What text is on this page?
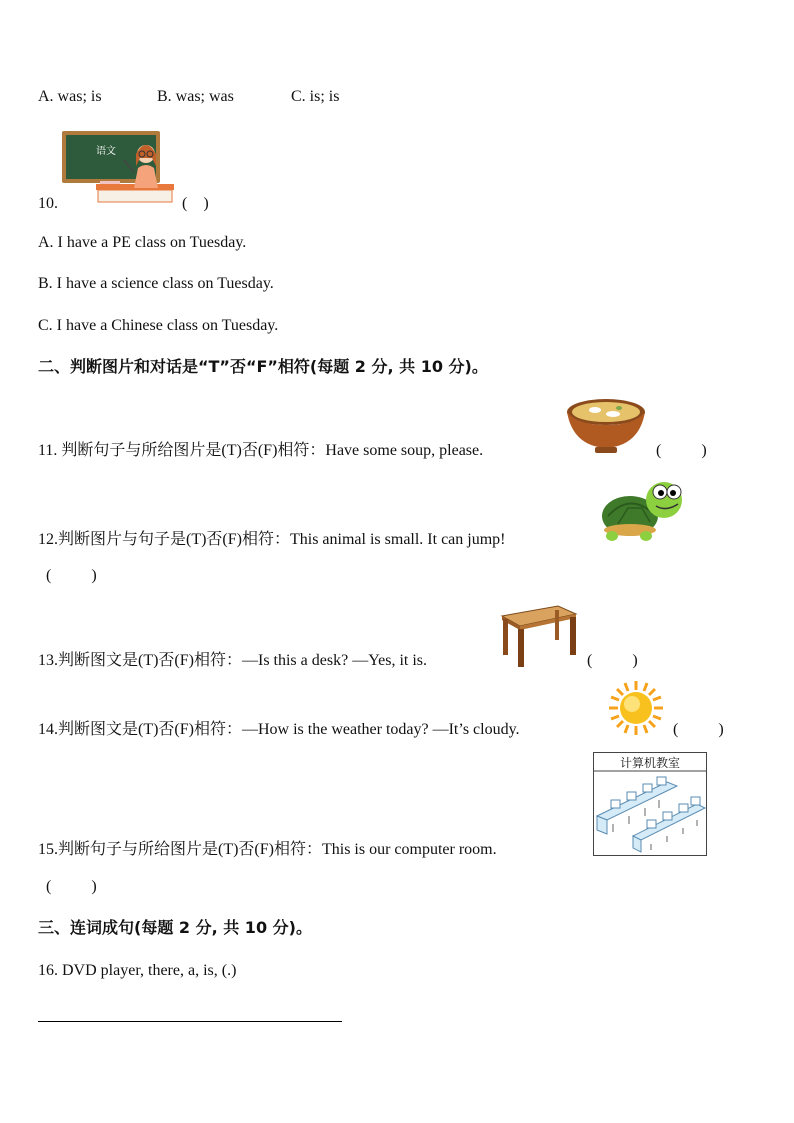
A. was; is	B. was; was	C. is; is
语文
10.	(    )
A. I have a PE class on Tuesday.
B. I have a science class on Tuesday.
C. I have a Chinese class on Tuesday.
二、判断图片和对话是“T”否“F”相符(每题 2 分, 共 10 分)。
11. 判断句子与所给图片是(T)否(F)相符：Have some soup, please.	(          )
12.判断图片与句子是(T)否(F)相符：This animal is small. It can jump!
(          )
13.判断图文是(T)否(F)相符：—Is this a desk? —Yes, it is.	(          )
14.判断图文是(T)否(F)相符：—How is the weather today? —It’s cloudy.	(          )
计算机教室
15.判断句子与所给图片是(T)否(F)相符：This is our computer room.
(          )
三、连词成句(每题 2 分, 共 10 分)。
16. DVD player, there, a, is, (.)
